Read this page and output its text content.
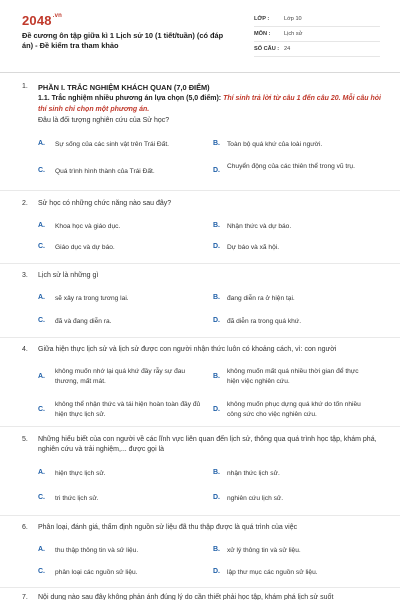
$2048^{.vn}$
Đề cương ôn tập giữa kì 1 Lịch sử 10 (1 tiết/tuần) (có đáp án) - Đề kiểm tra tham khảo
LỚP :	Lớp 10
MÔN : Lịch sử
SỐ CÂU : 24
1. PHẦN I. TRẮC NGHIỆM KHÁCH QUAN (7,0 ĐIỂM)
1.1. Trắc nghiệm nhiều phương án lựa chọn (5,0 điểm): Thí sinh trả lời từ câu 1 đến câu 20. Mỗi câu hỏi thí sinh chỉ chọn một phương án.
Đâu là đối tượng nghiên cứu của Sử học?
A. Sự sống của các sinh vật trên Trái Đất.	B. Toàn bộ quá khứ của loài người.
C. Quá trình hình thành của Trái Đất.	D.
Chuyển động của các thiên thể trong vũ trụ.
2. Sử học có những chức năng nào sau đây?
A. Khoa học và giáo dục.	B. Nhận thức và dự báo.
C. Giáo dục và dự báo.	D. Dự báo và xã hội.
3. Lịch sử là những gì
A. sẽ xảy ra trong tương lai.	B. đang diễn ra ở hiện tại.
C. đã và đang diễn ra.	D. đã diễn ra trong quá khứ.
4. Giữa hiện thực lịch sử và lịch sử được con người nhận thức luôn có khoảng cách, vì: con người
A.
không muốn nhớ lại quá khứ đầy rẫy sự đau thương, mất mát.
B.
không muốn mất quá nhiều thời gian để thực hiện việc nghiên cứu.
C.
không thể nhận thức và tái hiện hoàn toàn đầy đủ hiện thực lịch sử.
D.
không muốn phục dựng quá khứ do tốn nhiều công sức cho việc nghiên cứu.
5. Những hiểu biết của con người về các lĩnh vực liên quan đến lịch sử, thông qua quá trình học tập, khám phá, nghiên cứu và trải nghiệm,... được gọi là
A. hiện thực lịch sử.	B. nhận thức lịch sử.
C. tri thức lịch sử.	D. nghiên cứu lịch sử.
6. Phân loại, đánh giá, thẩm định nguồn sử liệu đã thu thập được là quá trình của việc
A. thu thập thông tin và sử liệu.	B. xử lý thông tin và sử liệu.
C. phân loại các nguồn sử liệu.	D. lập thư mục các nguồn sử liệu.
7. Nội dung nào sau đây không phản ánh đúng lý do cần thiết phải học tập, khám phá lịch sử suốt
